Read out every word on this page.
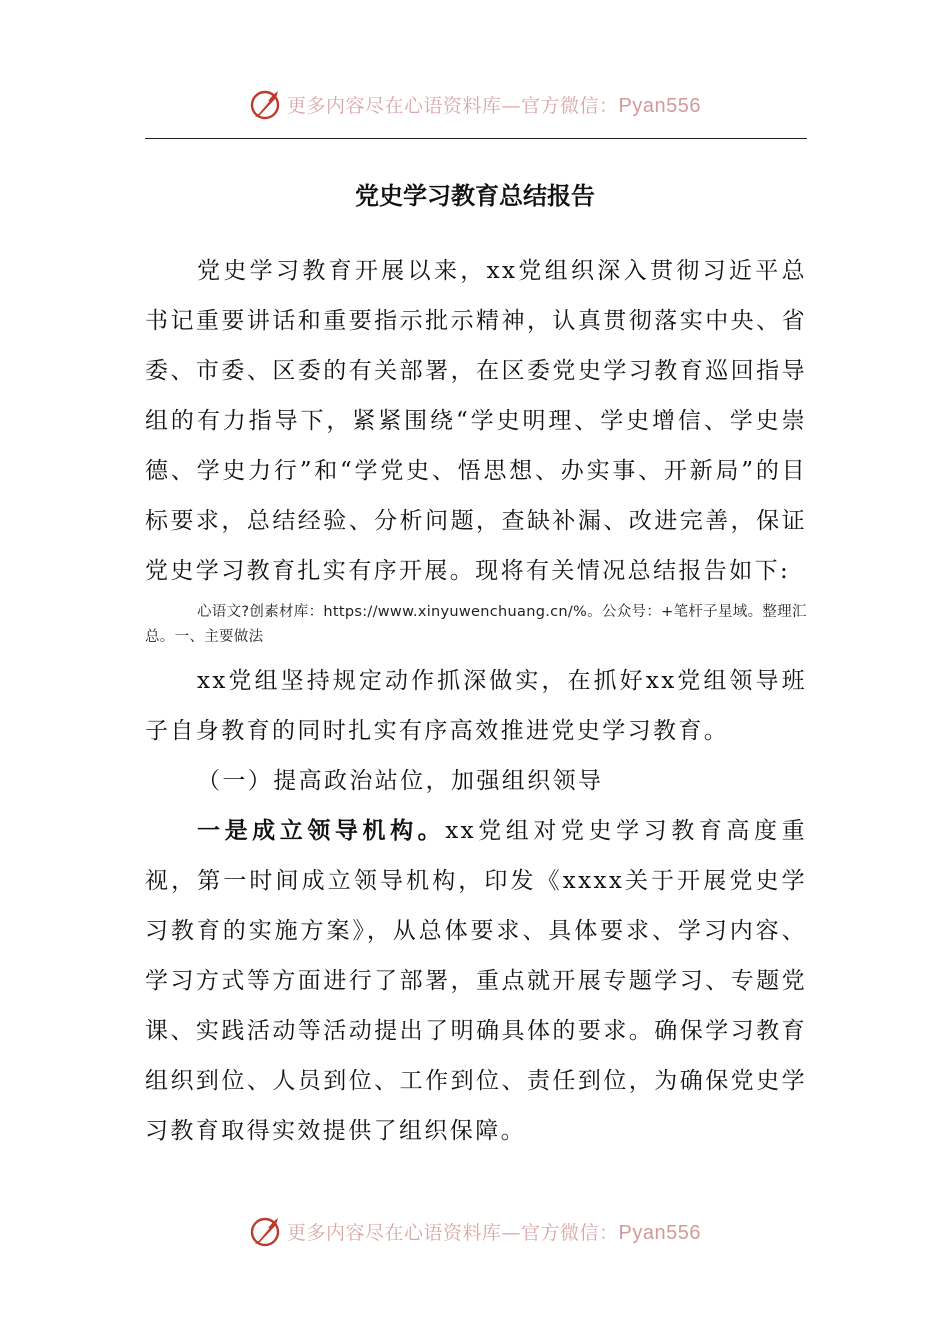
更多内容尽在心语资料库—官方微信：Pyan556
党史学习教育总结报告

党史学习教育开展以来，xx党组织深入贯彻习近平总书记重要讲话和重要指示批示精神，认真贯彻落实中央、省委、市委、区委的有关部署，在区委党史学习教育巡回指导组的有力指导下，紧紧围绕“学史明理、学史增信、学史崇德、学史力行”和“学党史、悟思想、办实事、开新局”的目标要求，总结经验、分析问题，查缺补漏、改进完善，保证党史学习教育扎实有序开展。现将有关情况总结报告如下:

心语文?创素材库：https://www.xinyuwenchuang.cn/%。公众号：+笔杆子星域。整理汇总。一、主要做法

xx党组坚持规定动作抓深做实，在抓好xx党组领导班子自身教育的同时扎实有序高效推进党史学习教育。

（一）提高政治站位，加强组织领导

一是成立领导机构。xx党组对党史学习教育高度重视，第一时间成立领导机构，印发《xxxx关于开展党史学习教育的实施方案》，从总体要求、具体要求、学习内容、学习方式等方面进行了部署，重点就开展专题学习、专题党课、实践活动等活动提出了明确具体的要求。确保学习教育组织到位、人员到位、工作到位、责任到位，为确保党史学习教育取得实效提供了组织保障。

更多内容尽在心语资料库—官方微信：Pyan556
